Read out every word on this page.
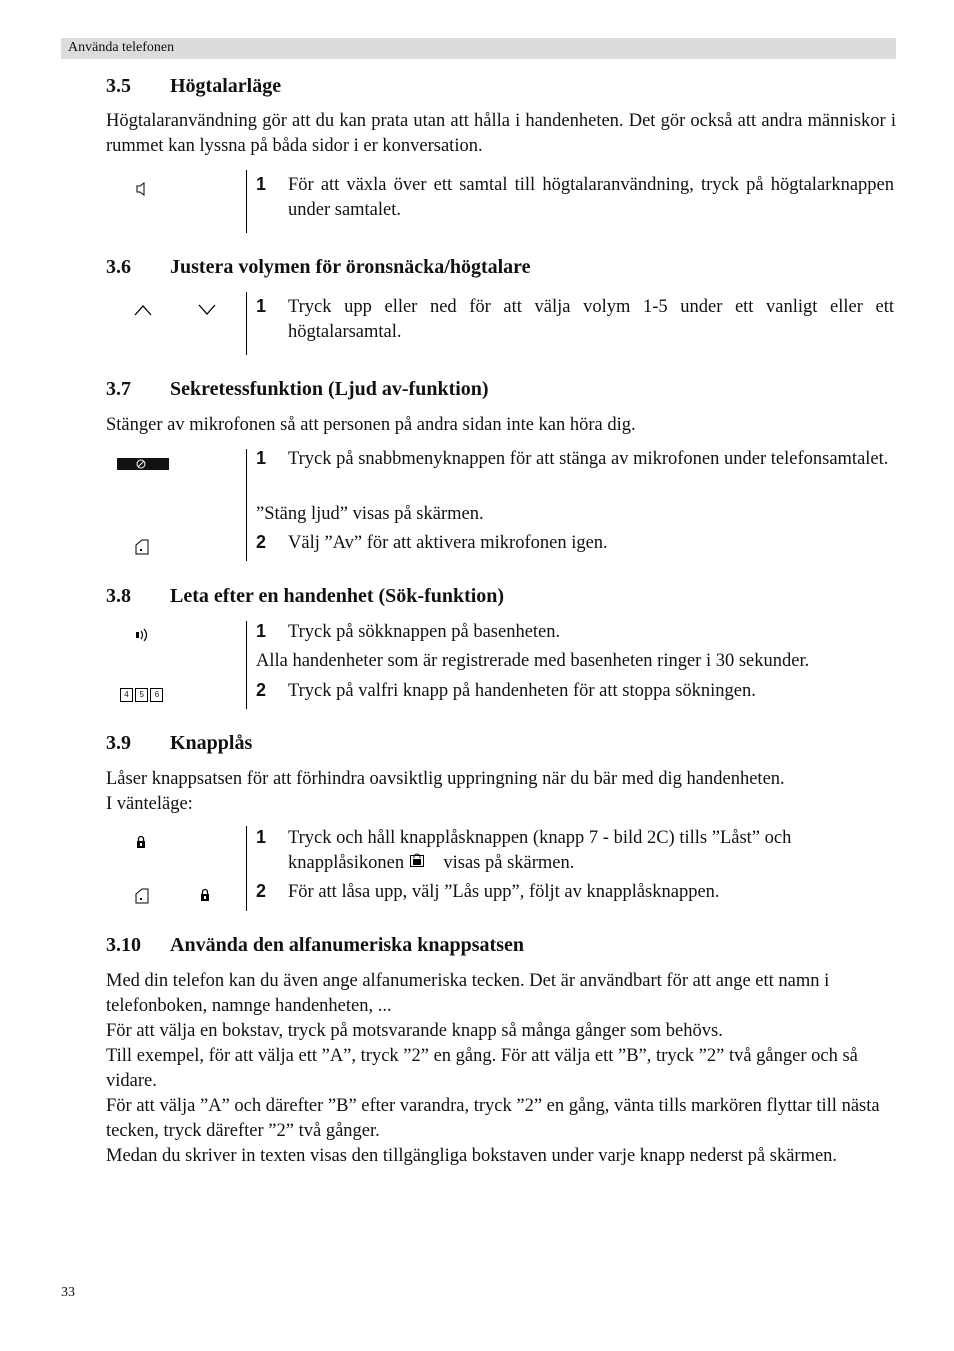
Använda telefonen
3.5 Högtalarläge
Högtalaranvändning gör att du kan prata utan att hålla i handenheten. Det gör också att andra människor i rummet kan lyssna på båda sidor i er konversation.
1 För att växla över ett samtal till högtalaranvändning, tryck på högtalarknappen under samtalet.
3.6 Justera volymen för öronsnäcka/högtalare
1 Tryck upp eller ned för att välja volym 1-5 under ett vanligt eller ett högtalarsamtal.
3.7 Sekretessfunktion (Ljud av-funktion)
Stänger av mikrofonen så att personen på andra sidan inte kan höra dig.
1 Tryck på snabbmenyknappen för att stänga av mikrofonen under telefonsamtalet.
”Stäng ljud” visas på skärmen.
2 Välj ”Av” för att aktivera mikrofonen igen.
3.8 Leta efter en handenhet (Sök-funktion)
4 5 6
1 Tryck på sökknappen på basenheten.
Alla handenheter som är registrerade med basenheten ringer i 30 sekunder.
2 Tryck på valfri knapp på handenheten för att stoppa sökningen.
3.9 Knapplås
Låser knappsatsen för att förhindra oavsiktlig uppringning när du bär med dig handenheten.
I vänteläge:
1 Tryck och håll knapplåsknappen (knapp 7 - bild 2C) tills ”Låst” och
knapplåsikonen visas på skärmen.
2 För att låsa upp, välj ”Lås upp”, följt av knapplåsknappen.
3.10 Använda den alfanumeriska knappsatsen
Med din telefon kan du även ange alfanumeriska tecken. Det är användbart för att ange ett namn i telefonboken, namnge handenheten, ...
För att välja en bokstav, tryck på motsvarande knapp så många gånger som behövs.
Till exempel, för att välja ett ”A”, tryck ”2” en gång. För att välja ett ”B”, tryck ”2” två gånger och så vidare.
För att välja ”A” och därefter ”B” efter varandra, tryck ”2” en gång, vänta tills markören flyttar till nästa tecken, tryck därefter ”2” två gånger.
Medan du skriver in texten visas den tillgängliga bokstaven under varje knapp nederst på skärmen.
33
